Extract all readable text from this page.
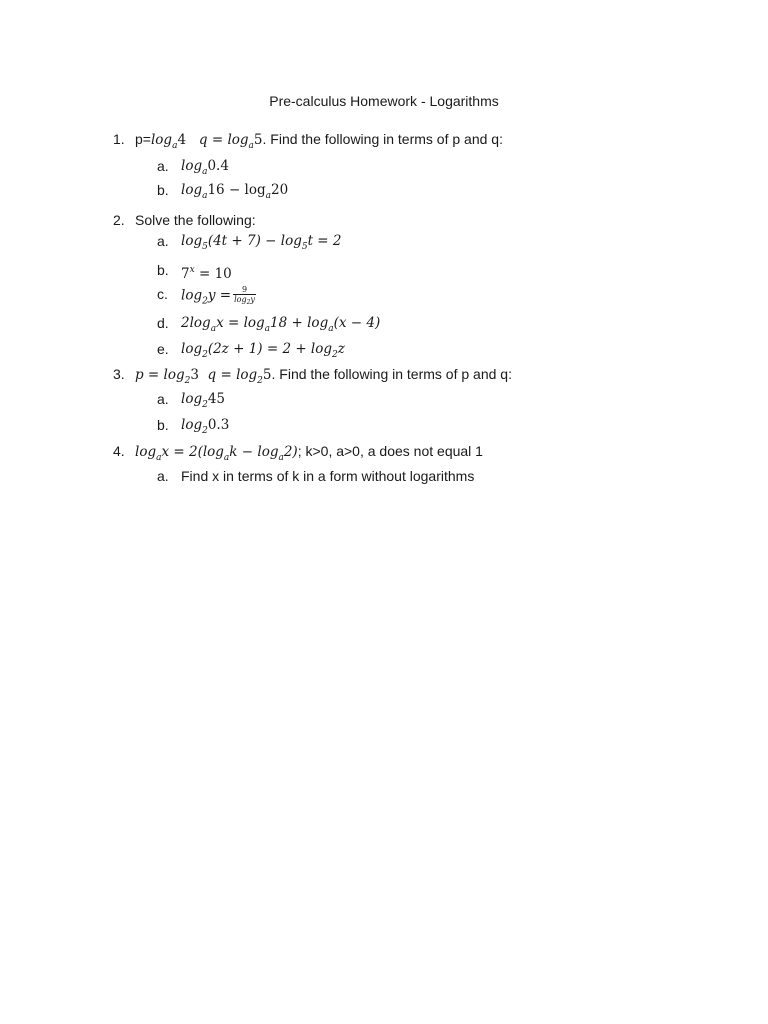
Pre-calculus Homework - Logarithms
1. $p=\log_a4$ $q = \log_a5$. Find the following in terms of p and q:
a. $\log_a0.4$
b. $\log_a16 - \log_a20$
2. Solve the following:
a. $\log_5(4t + 7) - \log_5t = 2$
b. $7^x = 10$
c. $\log_2y = \frac{9}{\log_2y}$
d. $2\log_ax = \log_a18 + \log_a(x - 4)$
e. $\log_2(2z + 1) = 2 + \log_2z$
3. $p = \log_23$ $q = \log_25$. Find the following in terms of p and q:
a. $\log_245$
b. $\log_20.3$
4. $\log_ax = 2(\log_ak - \log_a2)$; k>0, a>0, a does not equal 1
a. Find x in terms of k in a form without logarithms
